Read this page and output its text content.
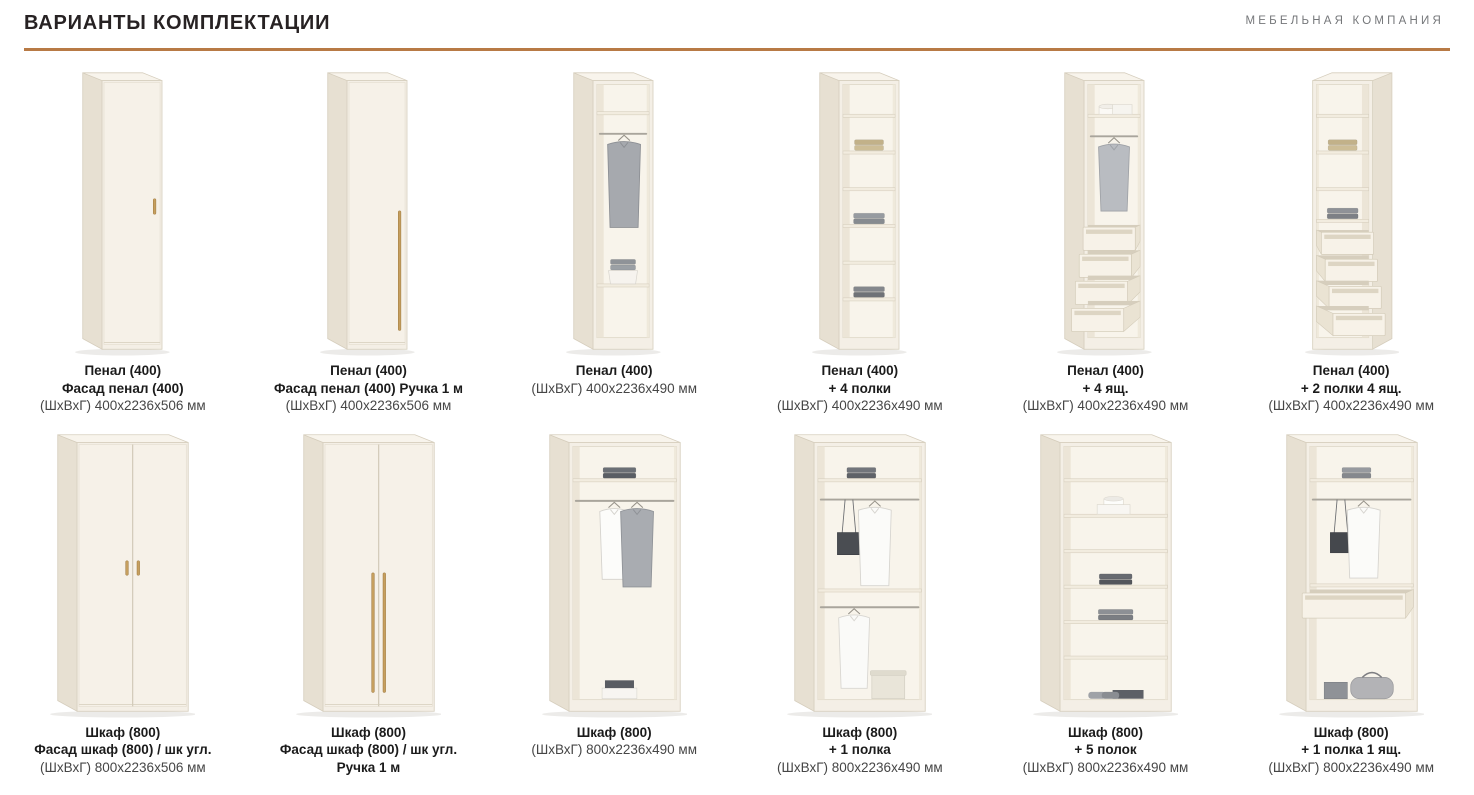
ВАРИАНТЫ КОМПЛЕКТАЦИИ	МЕБЕЛЬНАЯ КОМПАНИЯ
Пенал (400)
Фасад пенал (400)
(ШхВхГ) 400х2236х506 мм
Пенал (400)
Фасад пенал (400) Ручка 1 м
(ШхВхГ) 400х2236х506 мм
Пенал (400)
(ШхВхГ) 400х2236х490 мм
Пенал (400)
+ 4 полки
(ШхВхГ) 400х2236х490 мм
Пенал (400)
+ 4 ящ.
(ШхВхГ) 400х2236х490 мм
Пенал (400)
+ 2 полки 4 ящ.
(ШхВхГ) 400х2236х490 мм
Шкаф (800)
Фасад шкаф (800) / шк угл.
(ШхВхГ) 800х2236х506 мм
Шкаф (800)
Фасад шкаф (800) / шк угл.
Ручка 1 м
Шкаф (800)
(ШхВхГ) 800х2236х490 мм
Шкаф (800)
+ 1 полка
(ШхВхГ) 800х2236х490 мм
Шкаф (800)
+ 5 полок
(ШхВхГ) 800х2236х490 мм
Шкаф (800)
+ 1 полка 1 ящ.
(ШхВхГ) 800х2236х490 мм
